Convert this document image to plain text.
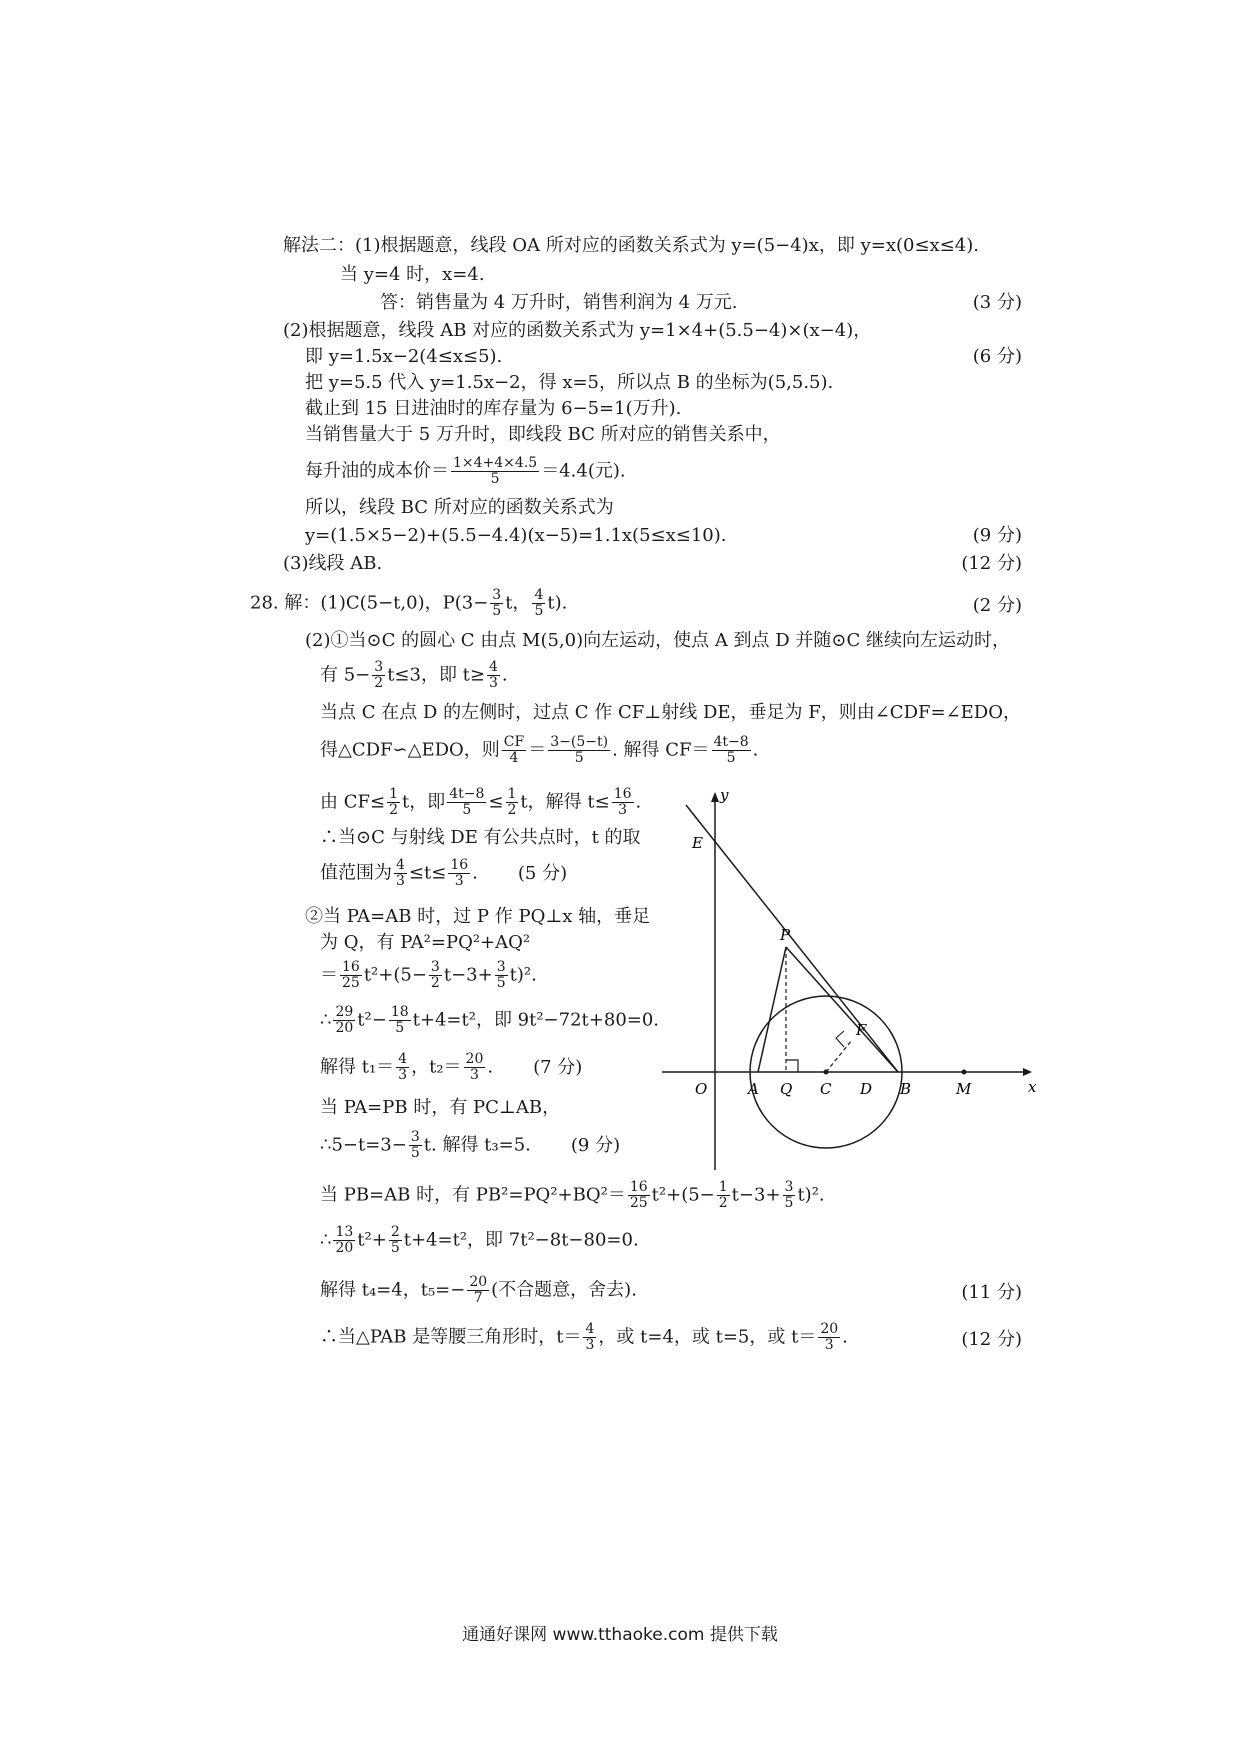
解法二：(1)根据题意，线段 OA 所对应的函数关系式为 y=(5−4)x，即 y=x(0≤x≤4).
当 y=4 时，x=4.
答：销售量为 4 万升时，销售利润为 4 万元.	(3 分)
(2)根据题意，线段 AB 对应的函数关系式为 y=1×4+(5.5−4)×(x−4)，
即 y=1.5x−2(4≤x≤5).	(6 分)
把 y=5.5 代入 y=1.5x−2，得 x=5，所以点 B 的坐标为(5,5.5).
截止到 15 日进油时的库存量为 6−5=1(万升).
当销售量大于 5 万升时，即线段 BC 所对应的销售关系中，
每升油的成本价＝ $\frac{1\times 4+4\times 4.5}{5} =4.4$(元).
所以，线段 BC 所对应的函数关系式为
y=(1.5×5−2)+(5.5−4.4)(x−5)=1.1x(5≤x≤10).	(9 分)
(3)线段 AB.	(12 分)
28. 解：(1)C(5−t,0)，$P(3- \frac{3}{5}$ t， $\frac{4}{5} t$).	(2 分)
(2)①当⊙C 的圆心 C 由点 M(5,0)向左运动，使点 A 到点 D 并随⊙C 继续向左运动时，
有 $5- \frac{3}{2} t\le 3$，即 $t\ge \frac{4}{3}$ .
当点 C 在点 D 的左侧时，过点 C 作 CF⊥射线 DE，垂足为 F，则由∠CDF=∠EDO，
得△CDF∽△EDO，则 $\frac{CF}{4} = \frac{3-(5-t)}{5}$ . 解得 $CF= \frac{4t-8}{5}$ .
由 $CF\le \frac{1}{2}$ t，即 $\frac{4t-8}{5} \le \frac{1}{2}$ t，解得 $t\le \frac{16}{3}$ .
∴当⊙C 与射线 DE 有公共点时，t 的取
值范围为 $\frac{4}{3} \le t\le \frac{16}{3}$ . (5 分)
②当 PA=AB 时，过 P 作 PQ⊥x 轴，垂足
为 Q，有 PA²=PQ²+AQ²
＝ $\frac{16}{25} t^2+(5- \frac{3}{2} t-3+ \frac{3}{5} t)^2$.
∴ $\frac{29}{20} t^2- \frac{18}{5} t+4=t^2$，即 9t²−72t+80=0.
解得 $t_1= \frac{4}{3}$ ，$t_2= \frac{20}{3}$ . (7 分)
当 PA=PB 时，有 PC⊥AB，
∴5−t=3− $\frac{3}{5} t$. 解得 t₃=5. (9 分)
当 PB=AB 时，有 $PB^2=PQ^2+BQ^2= \frac{16}{25} t^2+(5- \frac{1}{2} t-3+ \frac{3}{5} t)^2$.
∴ $\frac{13}{20} t^2+ \frac{2}{5} t+4=t^2$，即 7t²−8t−80=0.
解得 t₄=4，$t_5=- \frac{20}{7}$ (不合题意，舍去).	(11 分)
∴当△PAB 是等腰三角形时，$t= \frac{4}{3}$ ，或 t=4，或 t=5，或 $t= \frac{20}{3}$ .	(12 分)
y
x
E
P
F
O	A Q C D B	M
通通好课网 www.tthaoke.com 提供下载
